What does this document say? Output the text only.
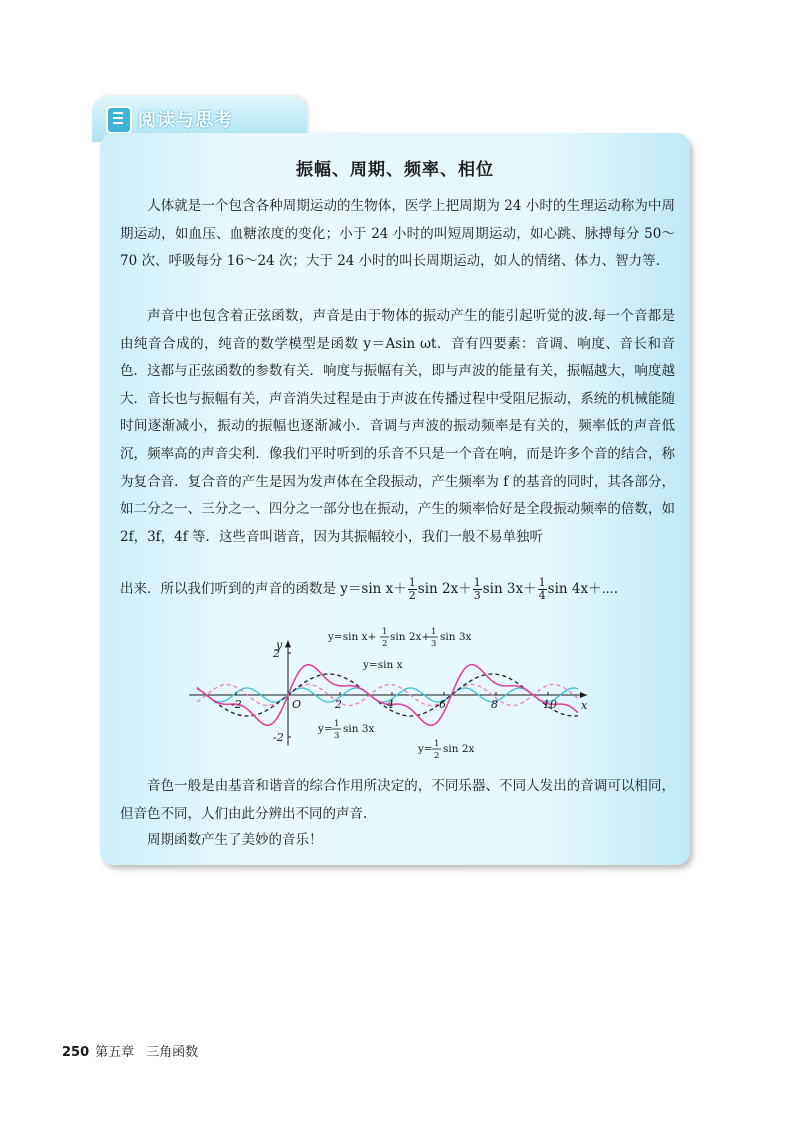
阅读与思考
振幅、周期、频率、相位

人体就是一个包含各种周期运动的生物体，医学上把周期为 24 小时的生理运动称为中周期运动，如血压、血糖浓度的变化；小于 24 小时的叫短周期运动，如心跳、脉搏每分 50～70 次、呼吸每分 16～24 次；大于 24 小时的叫长周期运动，如人的情绪、体力、智力等.

声音中也包含着正弦函数，声音是由于物体的振动产生的能引起听觉的波.每一个音都是由纯音合成的，纯音的数学模型是函数 y＝Asin ωt．音有四要素：音调、响度、音长和音色．这都与正弦函数的参数有关．响度与振幅有关，即与声波的能量有关，振幅越大，响度越大．音长也与振幅有关，声音消失过程是由于声波在传播过程中受阻尼振动，系统的机械能随时间逐渐减小，振动的振幅也逐渐减小．音调与声波的振动频率是有关的，频率低的声音低沉，频率高的声音尖利．像我们平时听到的乐音不只是一个音在响，而是许多个音的结合，称为复合音．复合音的产生是因为发声体在全段振动，产生频率为 f 的基音的同时，其各部分，如二分之一、三分之一、四分之一部分也在振动，产生的频率恰好是全段振动频率的倍数，如 2f，3f，4f 等．这些音叫谐音，因为其振幅较小，我们一般不易单独听

出来．所以我们听到的声音的函数是 y＝sin $x+ \frac{1}{2}$ $\sin 2x+ \frac{1}{3}$ $\sin 3x+ \frac{1}{4}$ sin 4x＋⋯.
-2	2	4	6	8	10
2
-2
O	x
y
y=sin x+ 1
2
sin 2x+ 1
3
sin 3x
y=sin x
y= 1
3
sin 3x
y= 1
2
sin 2x

音色一般是由基音和谐音的综合作用所决定的，不同乐器、不同人发出的音调可以相同，但音色不同，人们由此分辨出不同的声音.

周期函数产生了美妙的音乐！

250 第五章 三角函数
